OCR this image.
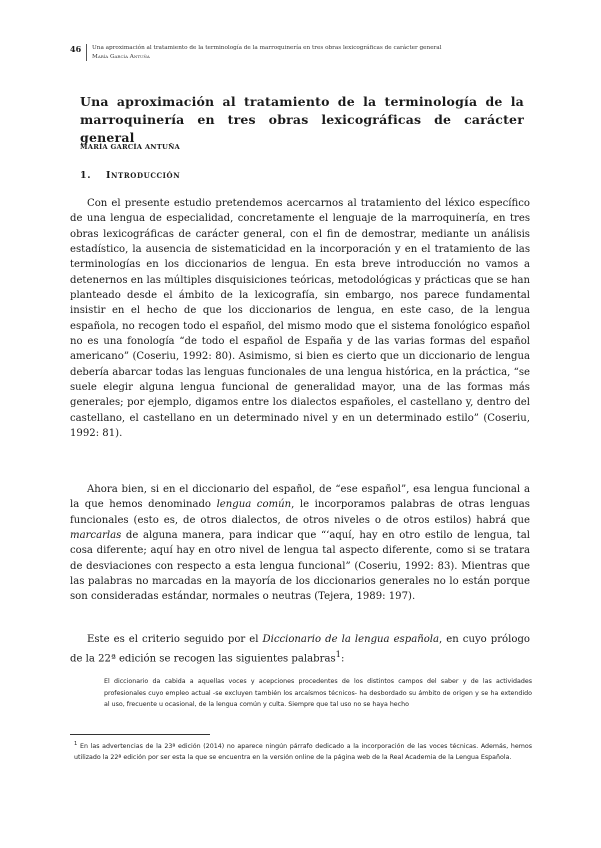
46	Una aproximación al tratamiento de la terminología de la marroquinería en tres obras lexicográficas de carácter general
María García Antuña
Una aproximación al tratamiento de la terminología de la marroquinería en tres obras lexicográficas de carácter general
MARÍA GARCÍA ANTUÑA
1. Introducción

Con el presente estudio pretendemos acercarnos al tratamiento del léxico específico de una lengua de especialidad, concretamente el lenguaje de la marroquinería, en tres obras lexicográficas de carácter general, con el fin de demostrar, mediante un análisis estadístico, la ausencia de sistematicidad en la incorporación y en el tratamiento de las terminologías en los diccionarios de lengua. En esta breve introducción no vamos a detenernos en las múltiples disquisiciones teóricas, metodológicas y prácticas que se han planteado desde el ámbito de la lexicografía, sin embargo, nos parece fundamental insistir en el hecho de que los diccionarios de lengua, en este caso, de la lengua española, no recogen todo el español, del mismo modo que el sistema fonológico español no es una fonología “de todo el español de España y de las varias formas del español americano” (Coseriu, 1992: 80). Asimismo, si bien es cierto que un diccionario de lengua debería abarcar todas las lenguas funcionales de una lengua histórica, en la práctica, “se suele elegir alguna lengua funcional de generalidad mayor, una de las formas más generales; por ejemplo, digamos entre los dialectos españoles, el castellano y, dentro del castellano, el castellano en un determinado nivel y en un determinado estilo” (Coseriu, 1992: 81).

Ahora bien, si en el diccionario del español, de “ese español”, esa lengua funcional a la que hemos denominado lengua común, le incorporamos palabras de otras lenguas funcionales (esto es, de otros dialectos, de otros niveles o de otros estilos) habrá que marcarlas de alguna manera, para indicar que “‘aquí, hay en otro estilo de lengua, tal cosa diferente; aquí hay en otro nivel de lengua tal aspecto diferente, como si se tratara de desviaciones con respecto a esta lengua funcional” (Coseriu, 1992: 83). Mientras que las palabras no marcadas en la mayoría de los diccionarios generales no lo están porque son consideradas estándar, normales o neutras (Tejera, 1989: 197).

Este es el criterio seguido por el Diccionario de la lengua española, en cuyo prólogo de la 22ª edición se recogen las siguientes palabras$^1$:

El diccionario da cabida a aquellas voces y acepciones procedentes de los distintos campos del saber y de las actividades profesionales cuyo empleo actual -se excluyen también los arcaísmos técnicos- ha desbordado su ámbito de origen y se ha extendido al uso, frecuente u ocasional, de la lengua común y culta. Siempre que tal uso no se haya hecho
$^1$ En las advertencias de la 23ª edición (2014) no aparece ningún párrafo dedicado a la incorporación de las voces técnicas. Además, hemos utilizado la 22ª edición por ser esta la que se encuentra en la versión online de la página web de la Real Academia de la Lengua Española.
